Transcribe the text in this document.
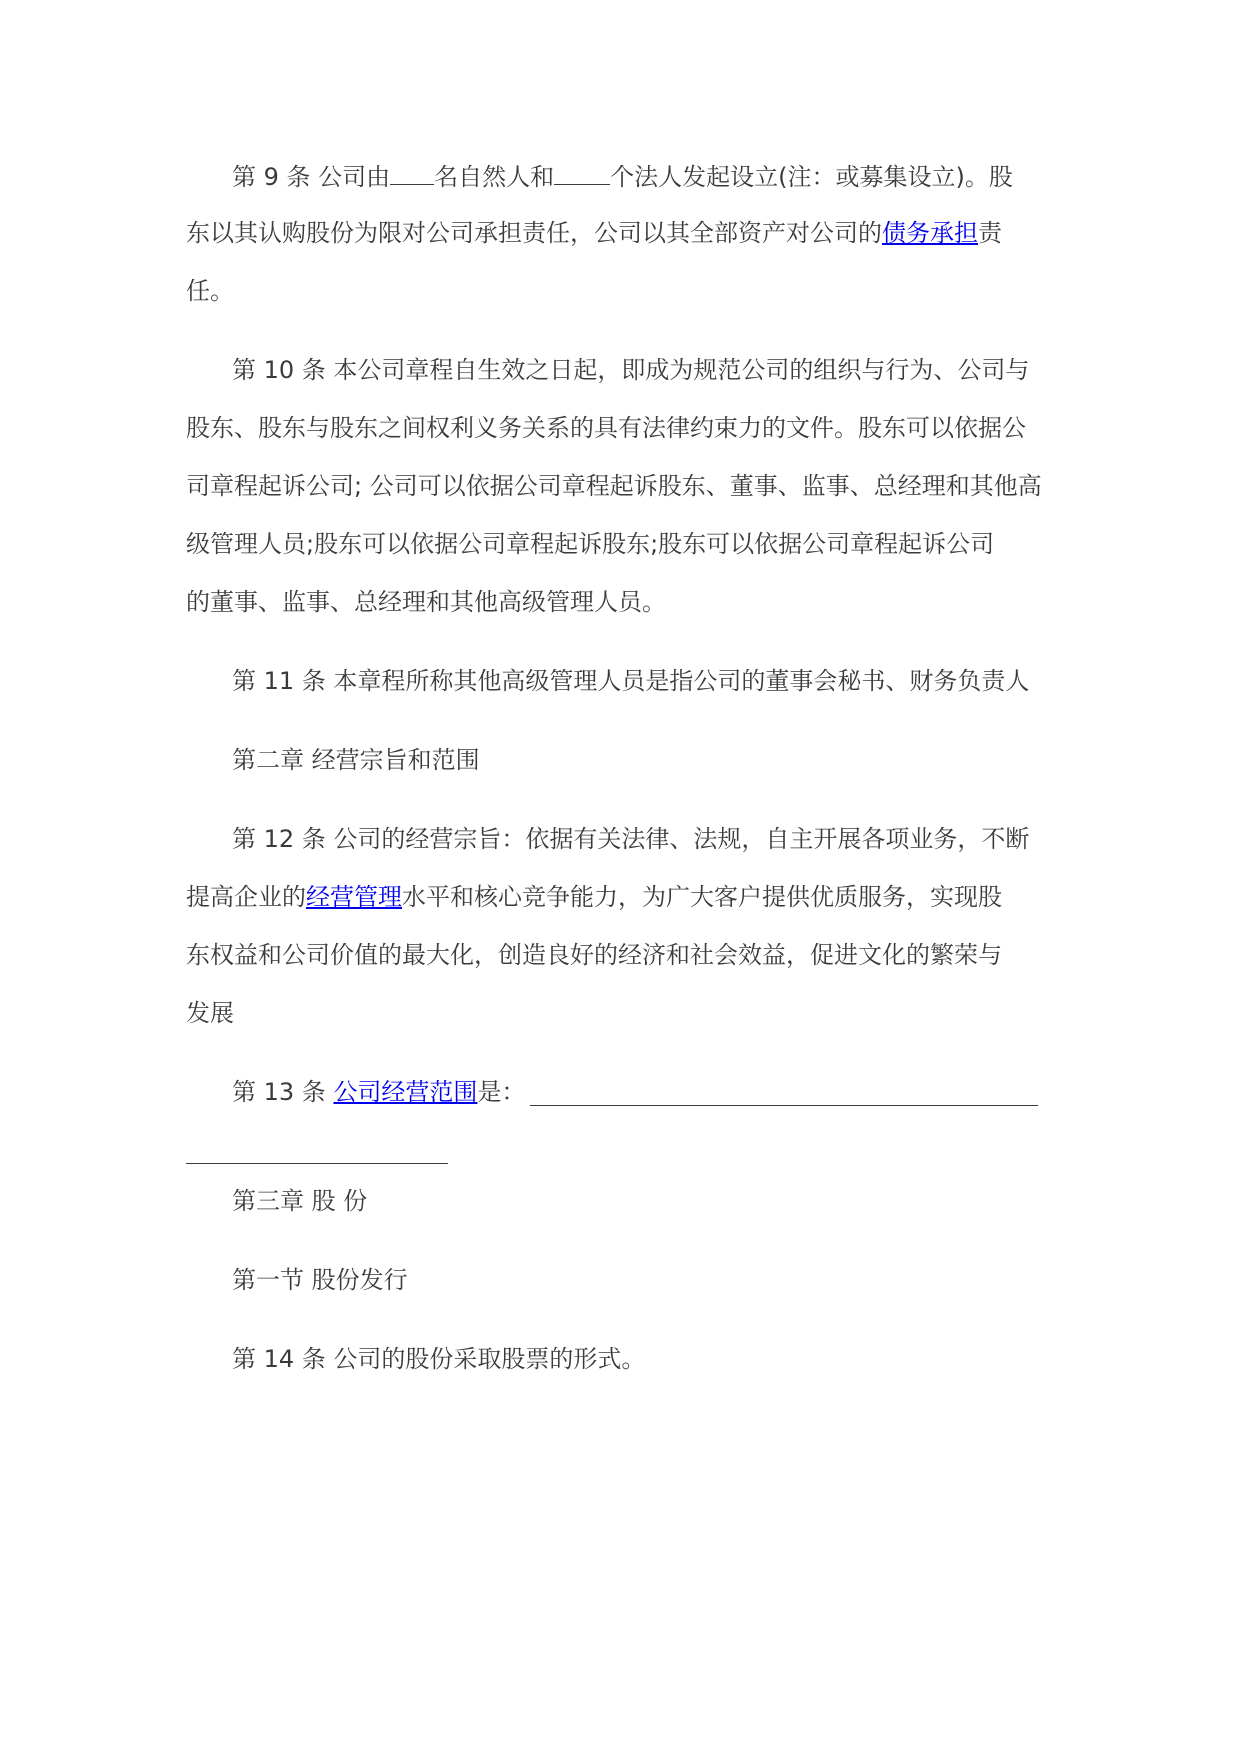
第 9 条 公司由 名自然人和 个法人发起设立(注：或募集设立)。股
东以其认购股份为限对公司承担责任，公司以其全部资产对公司的债务承担责
任。
第 10 条 本公司章程自生效之日起，即成为规范公司的组织与行为、公司与
股东、股东与股东之间权利义务关系的具有法律约束力的文件。股东可以依据公
司章程起诉公司; 公司可以依据公司章程起诉股东、董事、监事、总经理和其他高
级管理人员;股东可以依据公司章程起诉股东;股东可以依据公司章程起诉公司
的董事、监事、总经理和其他高级管理人员。
第 11 条 本章程所称其他高级管理人员是指公司的董事会秘书、财务负责人
第二章 经营宗旨和范围
第 12 条 公司的经营宗旨：依据有关法律、法规，自主开展各项业务，不断
提高企业的经营管理水平和核心竞争能力，为广大客户提供优质服务，实现股
东权益和公司价值的最大化，创造良好的经济和社会效益，促进文化的繁荣与
发展
第 13 条 公司经营范围是：
第三章 股 份
第一节 股份发行
第 14 条 公司的股份采取股票的形式。
